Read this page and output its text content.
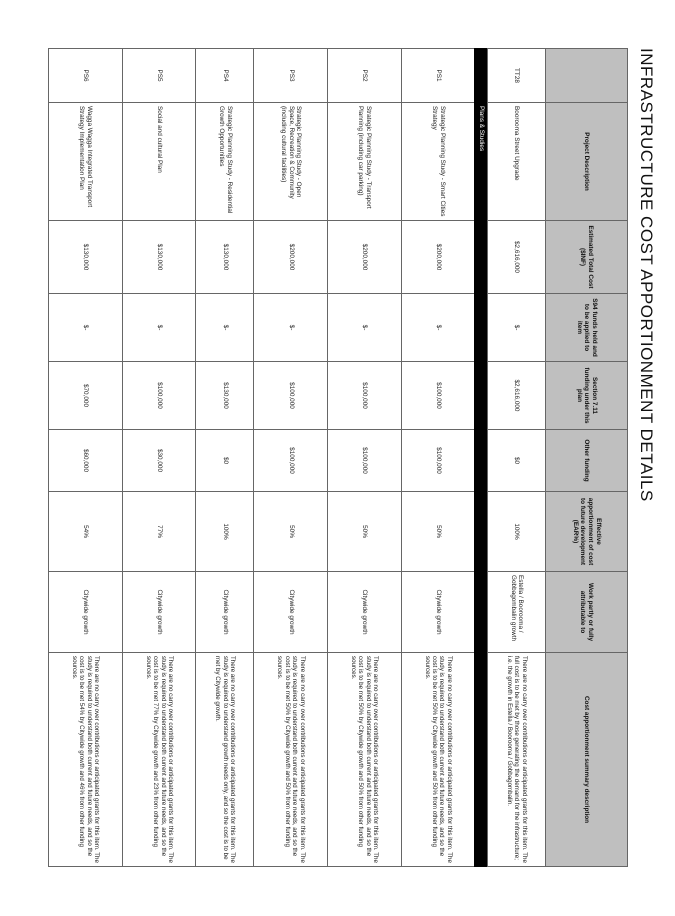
INFRASTRUCTURE COST APPORTIONMENT DETAILS
	Project Description	Estimated Total Cost ($INF)	S94 funds held and to be applied to item	Section 7.11 funding under this plan	Other funding	Effective apportionment of cost to future development (EAR%)	Work partly or fully attributable to	Cost apportionment summary description
TT28	Boorooma Street Upgrade	$2,616,000	$-	$2,616,000	$0	100%	Estella / Boorooma / Gobbagombalin growth	There are no carry over contributions or anticipated grants for this item. The full cost is to be met by those generating the demand for the infrastructure; i.e. the growth in Estella / Boorooma / Gobbagombalin.
	Plans & Studies							
PS1	Strategic Planning Study - Smart Cities Strategy	$200,000	$-	$100,000	$100,000	50%	Citywide growth	There are no carry over contributions or anticipated grants for this item. The study is required to understand both current and future needs, and so the cost is to be met 50% by Citywide growth and 50% from other funding sources.
PS2	Strategic Planning Study - Transport Planning (including car parking)	$200,000	$-	$100,000	$100,000	50%	Citywide growth	There are no carry over contributions or anticipated grants for this item. The study is required to understand both current and future needs, and so the cost is to be met 50% by Citywide growth and 50% from other funding sources.
PS3	Strategic Planning Study - Open Space, Recreation & Community (including cultural facilities)	$200,000	$-	$100,000	$100,000	50%	Citywide growth	There are no carry over contributions or anticipated grants for this item. The study is required to understand both current and future needs, and so the cost is to be met 50% by Citywide growth and 50% from other funding sources.
PS4	Strategic Planning Study - Residential Growth Opportunities	$130,000	$-	$130,000	$0	100%	Citywide growth	There are no carry over contributions or anticipated grants for this item. The study is required to understand growth needs only, and so the cost is to be met by Citywide growth.
PS5	Social and cultural Plan	$130,000	$-	$100,000	$30,000	77%	Citywide growth	There are no carry over contributions or anticipated grants for this item. The study is required to understand both current and future needs, and so the cost is to be met 77% by Citywide growth and 23% from other funding sources.
PS6	Wagga Wagga Integrated Transport Strategy Implementation Plan	$130,000	$-	$70,000	$60,000	54%	Citywide growth	There are no carry over contributions or anticipated grants for this item. The study is required to understand both current and future needs, and so the cost is to be met 54% by Citywide growth and 46% from other funding sources.
